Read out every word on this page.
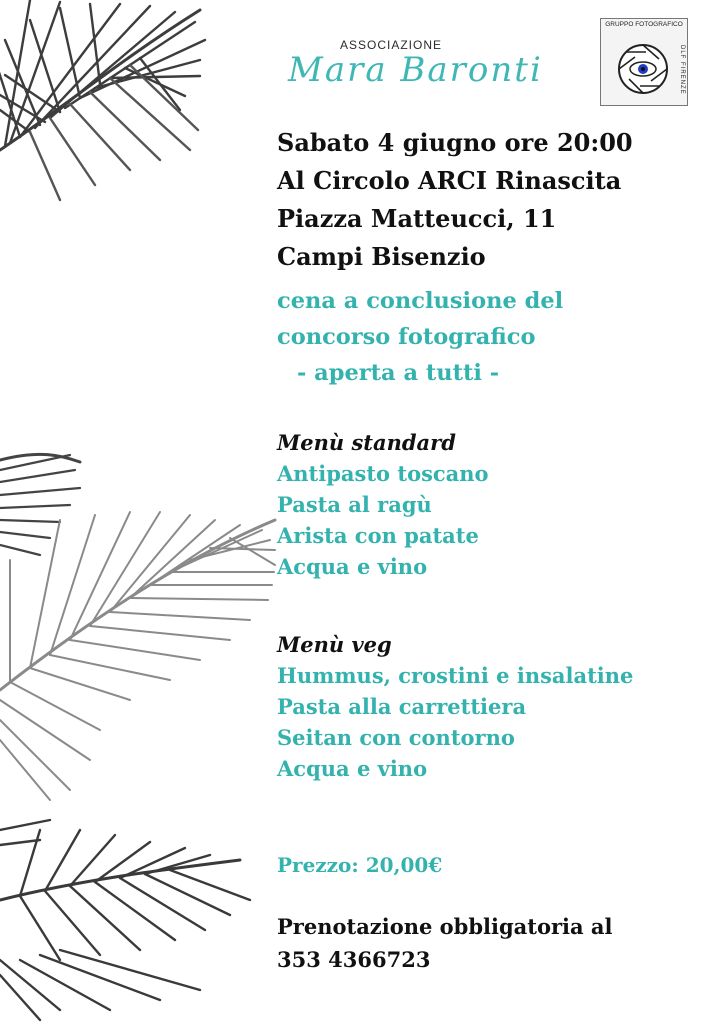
ASSOCIAZIONE
Mara Baronti
GRUPPO FOTOGRAFICO
DLF FIRENZE
Sabato 4 giugno ore 20:00
Al Circolo ARCI Rinascita
Piazza Matteucci, 11
Campi Bisenzio
cena a conclusione del
concorso fotografico
- aperta a tutti -
Menù standard
Antipasto toscano
Pasta al ragù
Arista con patate
Acqua e vino
Menù veg
Hummus, crostini e insalatine
Pasta alla carrettiera
Seitan con contorno
Acqua e vino
Prezzo: 20,00€
Prenotazione obbligatoria al
353 4366723
